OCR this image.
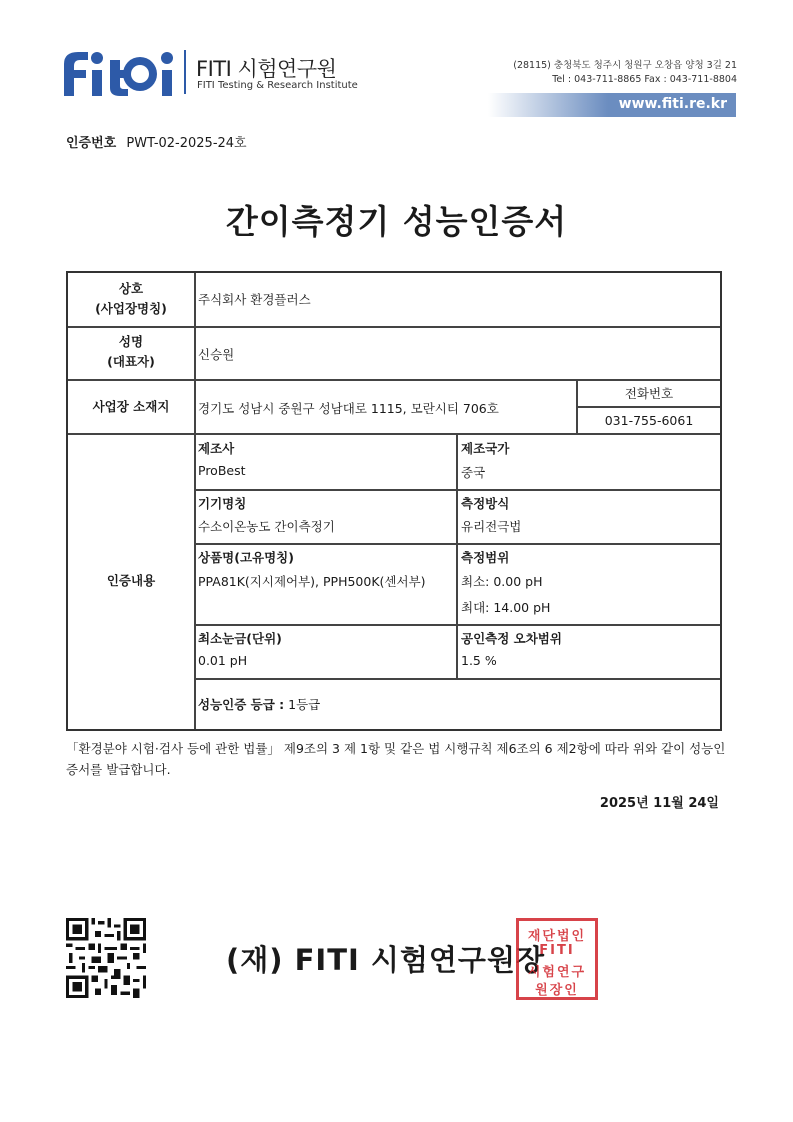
FITI 시험연구원
FITI Testing & Research Institute
(28115) 충청북도 청주시 청원구 오창읍 양청 3길 21
Tel : 043-711-8865 Fax : 043-711-8804
www.fiti.re.kr
인증번호 PWT-02-2025-24호
간이측정기 성능인증서
상호
(사업장명칭)
주식회사 환경플러스
성명
(대표자)	신승원
사업장 소재지	경기도 성남시 중원구 성남대로 1115, 모란시티 706호
전화번호
031-755-6061
인증내용
제조사
ProBest
제조국가
중국
기기명칭
수소이온농도 간이측정기
측정방식
유리전극법
상품명(고유명칭)
PPA81K(지시제어부), PPH500K(센서부)
측정범위
최소: 0.00 pH
최대: 14.00 pH
최소눈금(단위)
0.01 pH
공인측정 오차범위
1.5 %
성능인증 등급 : 1등급
「환경분야 시험·검사 등에 관한 법률」 제9조의 3 제 1항 및 같은 법 시행규칙 제6조의 6 제2항에 따라 위와 같이 성능인증서를 발급합니다.
2025년 11월 24일
(재) FITI 시험연구원장
재단법인
FITI
시험연구
원장인
